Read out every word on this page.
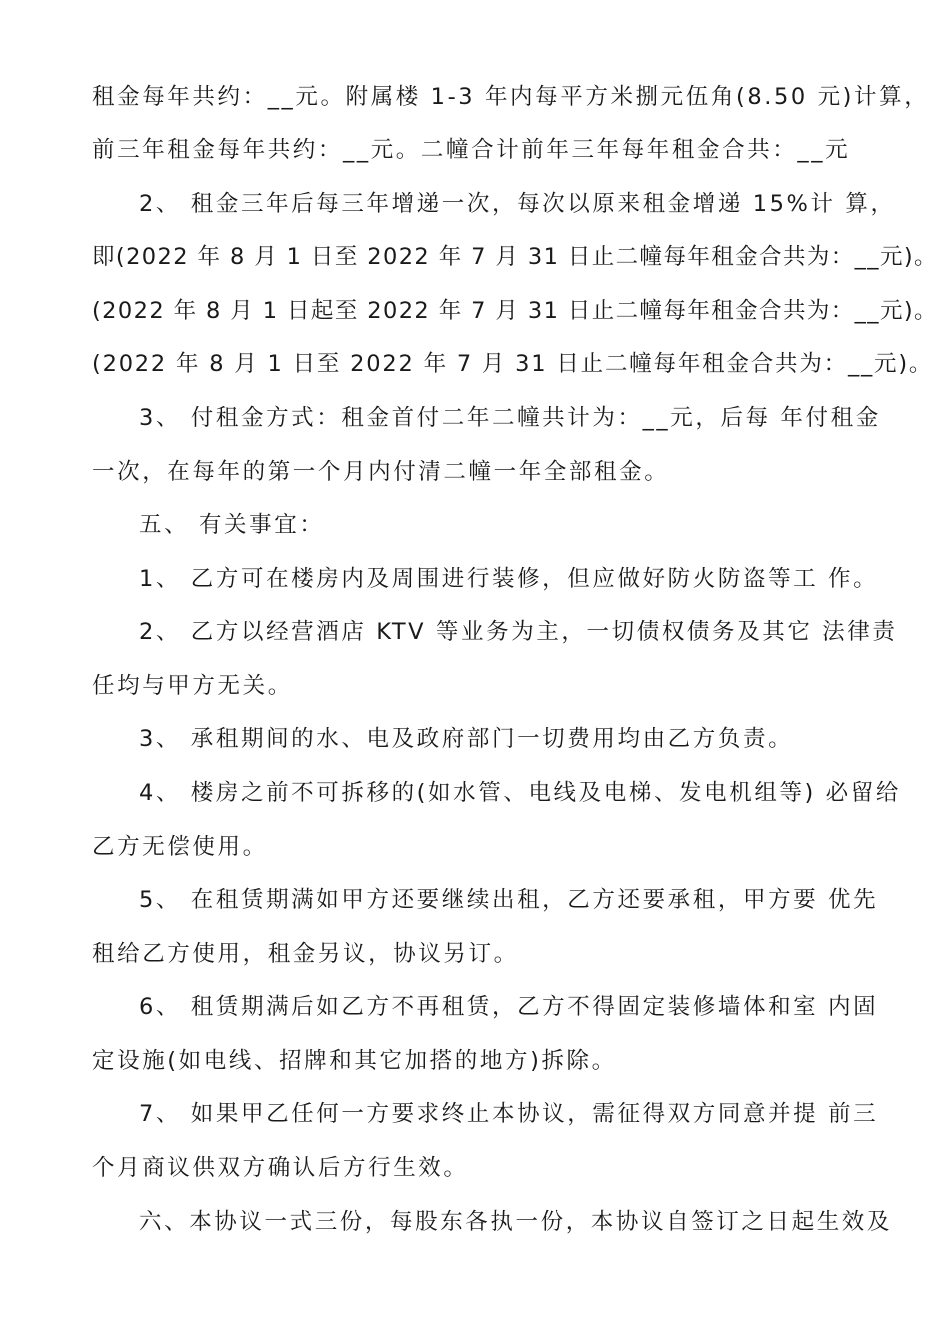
租金每年共约：__元。附属楼 1-3 年内每平方米捌元伍角(8.50 元)计算，
前三年租金每年共约：__元。二幢合计前年三年每年租金合共：__元
2、 租金三年后每三年增递一次，每次以原来租金增递 15%计 算，
即(2022 年 8 月 1 日至 2022 年 7 月 31 日止二幢每年租金合共为：__元)。
(2022 年 8 月 1 日起至 2022 年 7 月 31 日止二幢每年租金合共为：__元)。
(2022 年 8 月 1 日至 2022 年 7 月 31 日止二幢每年租金合共为：__元)。
3、 付租金方式：租金首付二年二幢共计为：__元，后每 年付租金
一次，在每年的第一个月内付清二幢一年全部租金。
五、 有关事宜：
1、 乙方可在楼房内及周围进行装修，但应做好防火防盗等工 作。
2、 乙方以经营酒店 KTV 等业务为主，一切债权债务及其它 法律责
任均与甲方无关。
3、 承租期间的水、电及政府部门一切费用均由乙方负责。
4、 楼房之前不可拆移的(如水管、电线及电梯、发电机组等) 必留给
乙方无偿使用。
5、 在租赁期满如甲方还要继续出租，乙方还要承租，甲方要 优先
租给乙方使用，租金另议，协议另订。
6、 租赁期满后如乙方不再租赁，乙方不得固定装修墙体和室 内固
定设施(如电线、招牌和其它加搭的地方)拆除。
7、 如果甲乙任何一方要求终止本协议，需征得双方同意并提 前三
个月商议供双方确认后方行生效。
六、本协议一式三份，每股东各执一份，本协议自签订之日起生效及
